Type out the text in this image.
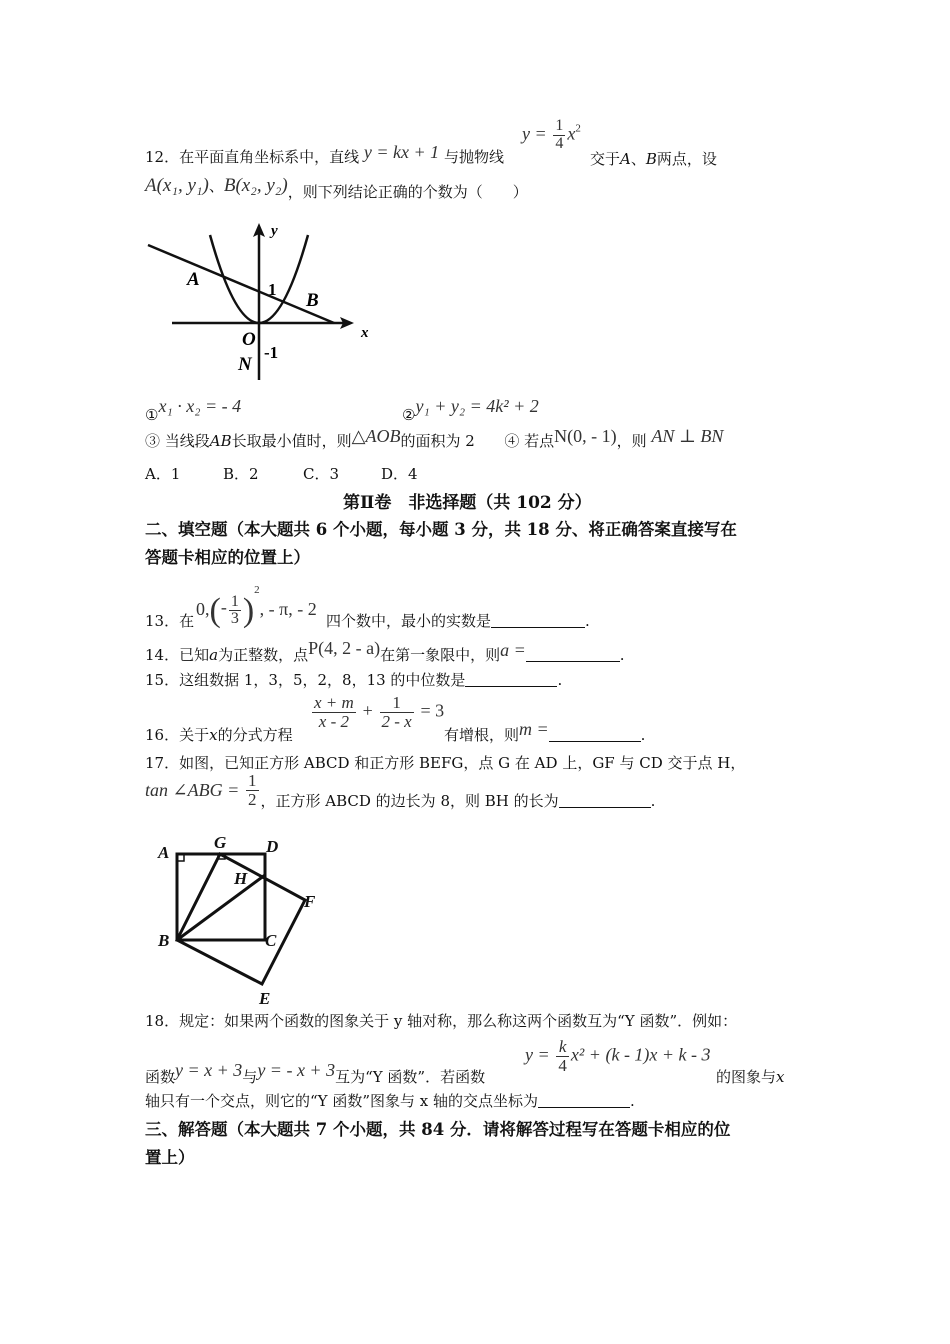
$y = \frac{1}{4} x^2$
12．在平面直角坐标系中，直线 y = kx + 1 与抛物线	交于A、B两点，设
A(x₁, y₁)、B(x₂, y₂)，则下列结论正确的个数为（　　）
y
x
A
B
1
O
-1
N
①x₁ · x₂ = - 4	②y₁ + y₂ = 4k² + 2
③ 当线段AB长取最小值时，则△AOB的面积为 2 ④ 若点N(0, - 1)，则 AN ⊥ BN
A．1	B．2	C．3	D．4
第Ⅱ卷　非选择题（共 102 分）
二、填空题（本大题共 6 个小题，每小题 3 分，共 18 分、将正确答案直接写在
答题卡相应的位置上）
$0,(- \frac{1}{3} )^2$, - π, - 2
13．在	四个数中，最小的实数是	.
14．已知a为正整数，点P(4, 2 - a)在第一象限中，则a =	.
15．这组数据 1，3，5，2，8，13 的中位数是	.
$\frac{x + m}{x - 2} + \frac{1}{2 - x} = 3$
16．关于x的分式方程	有增根，则m =	.
17．如图，已知正方形 ABCD 和正方形 BEFG，点 G 在 AD 上，GF 与 CD 交于点 H，
tan ∠ABG = $\frac{1}{2}$ ，正方形 ABCD 的边长为 8，则 BH 的长为	.
A
G D
H
F
B	C
E
18．规定：如果两个函数的图象关于 y 轴对称，那么称这两个函数互为“Y 函数”．例如：
$y = \frac{k}{4} x^2 + (k - 1)x + k - 3$
函数y = x + 3与y = - x + 3互为“Y 函数”．若函数	的图象与x
轴只有一个交点，则它的“Y 函数”图象与 x 轴的交点坐标为	.
三、解答题（本大题共 7 个小题，共 84 分．请将解答过程写在答题卡相应的位
置上）
